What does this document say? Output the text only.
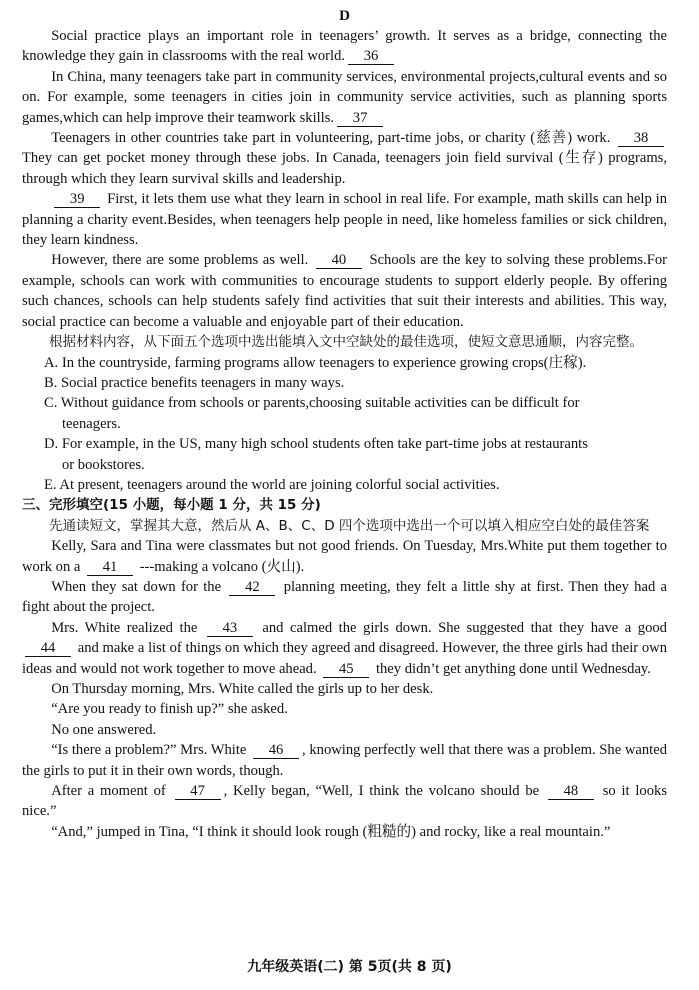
D

Social practice plays an important role in teenagers’ growth. It serves as a bridge, connecting the knowledge they gain in classrooms with the real world. 36

In China, many teenagers take part in community services, environmental projects,cultural events and so on. For example, some teenagers in cities join in community service activities, such as planning sports games,which can help improve their teamwork skills. 37

Teenagers in other countries take part in volunteering, part-time jobs, or charity (慈善) work. 38 They can get pocket money through these jobs. In Canada, teenagers join field survival (生存) programs, through which they learn survival skills and leadership.

39 First, it lets them use what they learn in school in real life. For example, math skills can help in planning a charity event.Besides, when teenagers help people in need, like homeless families or sick children, they learn kindness.

However, there are some problems as well. 40 Schools are the key to solving these problems.For example, schools can work with communities to encourage students to support elderly people. By offering such chances, schools can help students safely find activities that suit their interests and abilities. This way, social practice can become a valuable and enjoyable part of their education.

根据材料内容，从下面五个选项中选出能填入文中空缺处的最佳选项，使短文意思通顺，内容完整。

A. In the countryside, farming programs allow teenagers to experience growing crops(庄稼).

B. Social practice benefits teenagers in many ways.

C. Without guidance from schools or parents,choosing suitable activities can be difficult for

teenagers.

D. For example, in the US, many high school students often take part-time jobs at restaurants

or bookstores.

E. At present, teenagers around the world are joining colorful social activities.

三、完形填空(15 小题，每小题 1 分，共 15 分)

先通读短文，掌握其大意，然后从 A、B、C、D 四个选项中选出一个可以填入相应空白处的最佳答案

Kelly, Sara and Tina were classmates but not good friends. On Tuesday, Mrs.White put them together to work on a 41 ---making a volcano (火山).

When they sat down for the 42 planning meeting, they felt a little shy at first. Then they had a fight about the project.

Mrs. White realized the 43 and calmed the girls down. She suggested that they have a good 44 and make a list of things on which they agreed and disagreed. However, the three girls had their own ideas and would not work together to move ahead. 45 they didn’t get anything done until Wednesday.

On Thursday morning, Mrs. White called the girls up to her desk.

“Are you ready to finish up?” she asked.

No one answered.

“Is there a problem?” Mrs. White 46 , knowing perfectly well that there was a problem. She wanted the girls to put it in their own words, though.

After a moment of 47 , Kelly began, “Well, I think the volcano should be 48 so it looks nice.”

“And,” jumped in Tina, “I think it should look rough (粗糙的) and rocky, like a real mountain.”

九年级英语(二) 第 5页(共 8 页)
